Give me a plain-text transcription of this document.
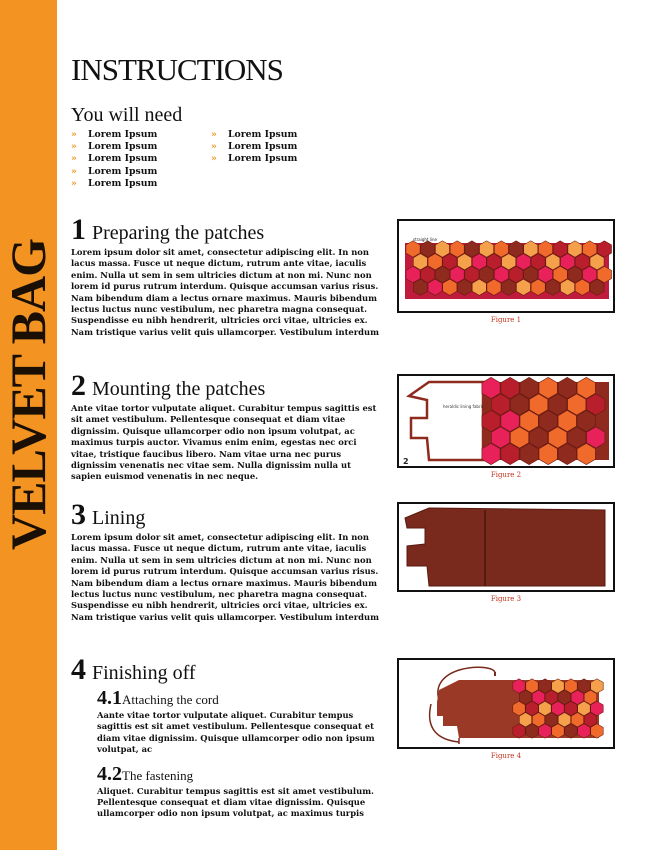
VELVET BAG
INSTRUCTIONS
You will need
» Lorem Ipsum
» Lorem Ipsum
» Lorem Ipsum
» Lorem Ipsum
» Lorem Ipsum
» Lorem Ipsum
» Lorem Ipsum
» Lorem Ipsum
1 Preparing the patches
Lorem ipsum dolor sit amet, consectetur adipiscing elit. In non lacus massa. Fusce ut neque dictum, rutrum ante vitae, iaculis enim. Nulla ut sem in sem ultricies dictum at non mi. Nunc non lorem id purus rutrum interdum. Quisque accumsan varius risus. Nam bibendum diam a lectus ornare maximus. Mauris bibendum lectus luctus nunc vestibulum, nec pharetra magna consequat. Suspendisse eu nibh hendrerit, ultricies orci vitae, ultricies ex. Nam tristique varius velit quis ullamcorper. Vestibulum interdum
2 Mounting the patches
Ante vitae tortor vulputate aliquet. Curabitur tempus sagittis est sit amet vestibulum. Pellentesque consequat et diam vitae dignissim. Quisque ullamcorper odio non ipsum volutpat, ac maximus turpis auctor. Vivamus enim enim, egestas nec orci vitae, tristique faucibus libero. Nam vitae urna nec purus dignissim venenatis nec vitae sem. Nulla dignissim nulla ut sapien euismod venenatis in nec neque.
3 Lining
Lorem ipsum dolor sit amet, consectetur adipiscing elit. In non lacus massa. Fusce ut neque dictum, rutrum ante vitae, iaculis enim. Nulla ut sem in sem ultricies dictum at non mi. Nunc non lorem id purus rutrum interdum. Quisque accumsan varius risus. Nam bibendum diam a lectus ornare maximus. Mauris bibendum lectus luctus nunc vestibulum, nec pharetra magna consequat. Suspendisse eu nibh hendrerit, ultricies orci vitae, ultricies ex. Nam tristique varius velit quis ullamcorper. Vestibulum interdum
4 Finishing off
4.1Attaching the cord
Aante vitae tortor vulputate aliquet. Curabitur tempus sagittis est sit amet vestibulum. Pellentesque consequat et diam vitae dignissim. Quisque ullamcorper odio non ipsum volutpat, ac
4.2The fastening
Aliquet. Curabitur tempus sagittis est sit amet vestibulum. Pellentesque consequat et diam vitae dignissim. Quisque ullamcorper odio non ipsum volutpat, ac maximus turpis
straight line
Figure 1
heraldic lining fabric
2
Figure 2
Figure 3
Figure 4
